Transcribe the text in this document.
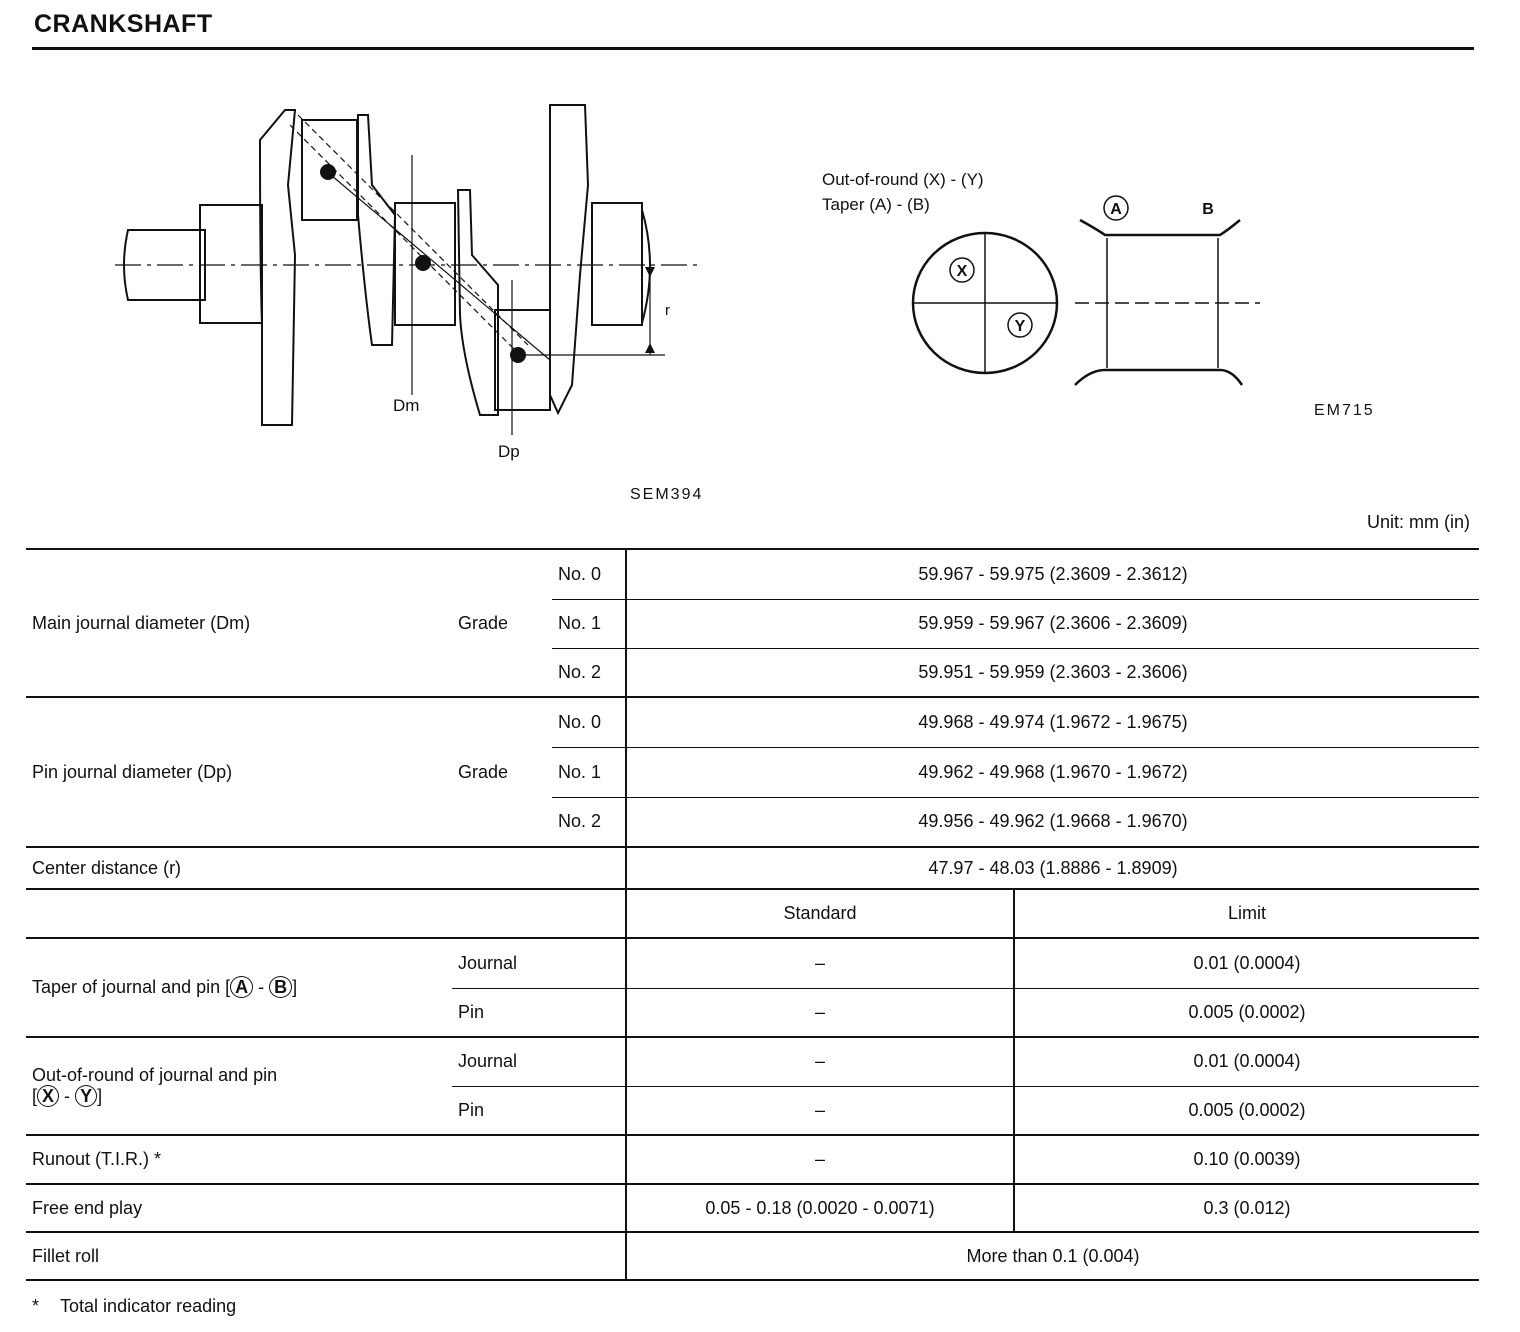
CRANKSHAFT
Dm
Dp
r
SEM394
Out-of-round (X) - (Y)
Taper (A) - (B)
X
Y
A	B
EM715
Unit: mm (in)
Main journal diameter (Dm)	Grade	No. 0	59.967 - 59.975 (2.3609 - 2.3612)	
		No. 1	59.959 - 59.967 (2.3606 - 2.3609)	
		No. 2	59.951 - 59.959 (2.3603 - 2.3606)	
Pin journal diameter (Dp)	Grade	No. 0	49.968 - 49.974 (1.9672 - 1.9675)	
		No. 1	49.962 - 49.968 (1.9670 - 1.9672)	
		No. 2	49.956 - 49.962 (1.9668 - 1.9670)	
Center distance (r)			47.97 - 48.03 (1.8886 - 1.8909)	
			Standard	Limit
Taper of journal and pin [ A - B ]	Journal		–	0.01 (0.0004)
	Pin		–	0.005 (0.0002)

Out-of-round of journal and pin
[ X - Y ]	Journal		–	0.01 (0.0004)
	Pin		–	0.005 (0.0002)
Runout (T.I.R.) *			–	0.10 (0.0039)
Free end play			0.05 - 0.18 (0.0020 - 0.0071)	0.3 (0.012)
Fillet roll			More than 0.1 (0.004)	
* Total indicator reading
